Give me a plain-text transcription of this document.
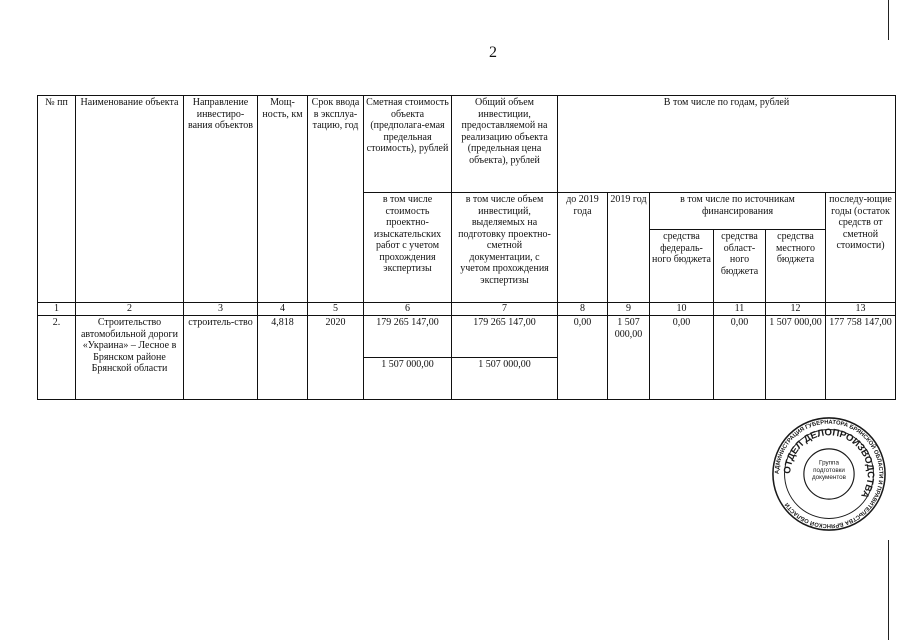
2
№ пп	Наименование объекта	Направление инвестиро-вания объектов	Мощ-ность, км	Срок ввода в эксплуа-тацию, год	Сметная стоимость объекта (предполага-емая предельная стоимость), рублей	Общий объем инвестиции, предоставляемой на реализацию объекта (предельная цена объекта), рублей	В том числе по годам, рублей					
					в том числе стоимость проектно-изыскательских работ с учетом прохождения экспертизы	в том числе объем инвестиций, выделяемых на подготовку проектно-сметной документации, с учетом прохождения экспертизы	до 2019 года	2019 год	в том числе по источникам финансирования			последу-ющие годы (остаток средств от сметной стоимости)
									средства федераль-ного бюджета	средства област-ного бюджета	средства местного бюджета	
1	2	3	4	5	6	7	8	9	10	11	12	13
2.	Строительство автомобильной дороги «Украина» – Лесное в Брянском районе Брянской области	строитель-ство	4,818	2020	179 265 147,00	179 265 147,00	0,00	1 507 000,00	0,00	0,00	1 507 000,00	177 758 147,00
					1 507 000,00	1 507 000,00						
АДМИНИСТРАЦИЯ ГУБЕРНАТОРА БРЯНСКОЙ ОБЛАСТИ И ПРАВИТЕЛЬСТВА БРЯНСКОЙ ОБЛАСТИ
ОТДЕЛ ДЕЛОПРОИЗВОДСТВА
Группа подготовки документов
